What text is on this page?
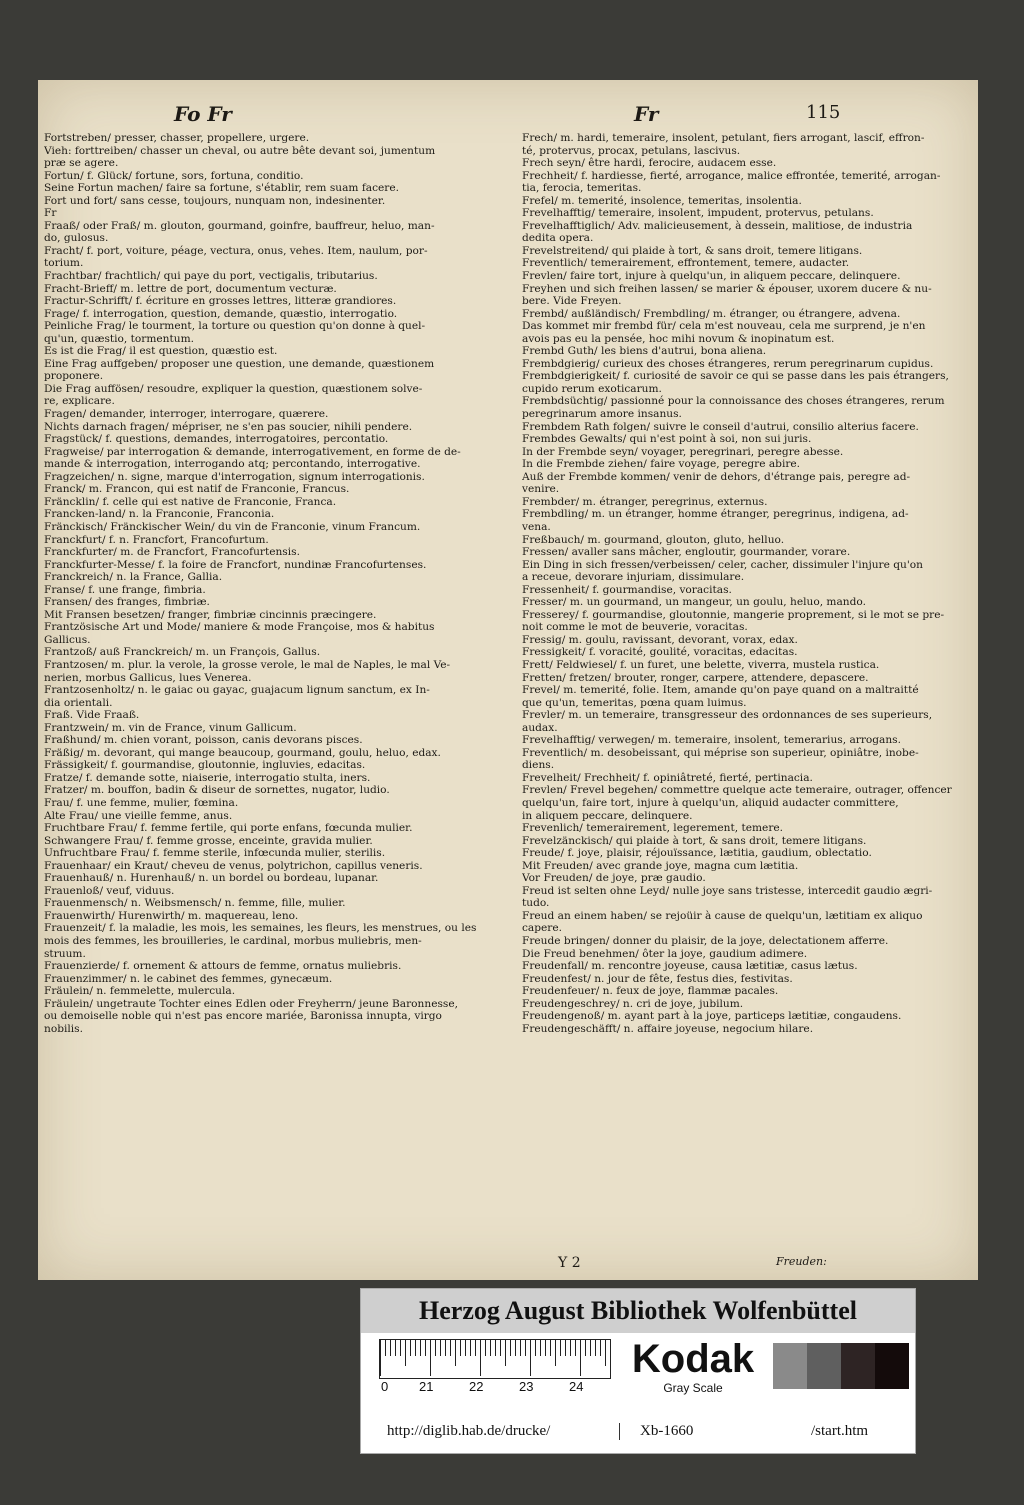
Fo Fr	Fr	115

Fortstreben/ presser, chasser, propellere, urgere.

Vieh: forttreiben/ chasser un cheval, ou autre bête devant soi, jumentum

præ se agere.

Fortun/ f. Glück/ fortune, sors, fortuna, conditio.

Seine Fortun machen/ faire sa fortune, s'établir, rem suam facere.

Fort und fort/ sans cesse, toujours, nunquam non, indesinenter.

Fr

Fraaß/ oder Fraß/ m. glouton, gourmand, goinfre, bauffreur, heluo, man-

do, gulosus.

Fracht/ f. port, voiture, péage, vectura, onus, vehes. Item, naulum, por-

torium.

Frachtbar/ frachtlich/ qui paye du port, vectigalis, tributarius.

Fracht-Brieff/ m. lettre de port, documentum vecturæ.

Fractur-Schrifft/ f. écriture en grosses lettres, litteræ grandiores.

Frage/ f. interrogation, question, demande, quæstio, interrogatio.

Peinliche Frag/ le tourment, la torture ou question qu'on donne à quel-

qu'un, quæstio, tormentum.

Es ist die Frag/ il est question, quæstio est.

Eine Frag auffgeben/ proposer une question, une demande, quæstionem

proponere.

Die Frag auffösen/ resoudre, expliquer la question, quæstionem solve-

re, explicare.

Fragen/ demander, interroger, interrogare, quærere.

Nichts darnach fragen/ mépriser, ne s'en pas soucier, nihili pendere.

Fragstück/ f. questions, demandes, interrogatoires, percontatio.

Fragweise/ par interrogation & demande, interrogativement, en forme de de-

mande & interrogation, interrogando atq; percontando, interrogative.

Fragzeichen/ n. signe, marque d'interrogation, signum interrogationis.

Franck/ m. Francon, qui est natif de Franconie, Francus.

Fräncklin/ f. celle qui est native de Franconie, Franca.

Francken-land/ n. la Franconie, Franconia.

Fränckisch/ Fränckischer Wein/ du vin de Franconie, vinum Francum.

Franckfurt/ f. n. Francfort, Francofurtum.

Franckfurter/ m. de Francfort, Francofurtensis.

Franckfurter-Messe/ f. la foire de Francfort, nundinæ Francofurtenses.

Franckreich/ n. la France, Gallia.

Franse/ f. une frange, fimbria.

Fransen/ des franges, fimbriæ.

Mit Fransen besetzen/ franger, fimbriæ cincinnis præcingere.

Frantzösische Art und Mode/ maniere & mode Françoise, mos & habitus

Gallicus.

Frantzoß/ auß Franckreich/ m. un François, Gallus.

Frantzosen/ m. plur. la verole, la grosse verole, le mal de Naples, le mal Ve-

nerien, morbus Gallicus, lues Venerea.

Frantzosenholtz/ n. le gaiac ou gayac, guajacum lignum sanctum, ex In-

dia orientali.

Fraß. Vide Fraaß.

Frantzwein/ m. vin de France, vinum Gallicum.

Fraßhund/ m. chien vorant, poisson, canis devorans pisces.

Fräßig/ m. devorant, qui mange beaucoup, gourmand, goulu, heluo, edax.

Frässigkeit/ f. gourmandise, gloutonnie, ingluvies, edacitas.

Fratze/ f. demande sotte, niaiserie, interrogatio stulta, iners.

Fratzer/ m. bouffon, badin & diseur de sornettes, nugator, ludio.

Frau/ f. une femme, mulier, fœmina.

Alte Frau/ une vieille femme, anus.

Fruchtbare Frau/ f. femme fertile, qui porte enfans, fœcunda mulier.

Schwangere Frau/ f. femme grosse, enceinte, gravida mulier.

Unfruchtbare Frau/ f. femme sterile, infœcunda mulier, sterilis.

Frauenhaar/ ein Kraut/ cheveu de venus, polytrichon, capillus veneris.

Frauenhauß/ n. Hurenhauß/ n. un bordel ou bordeau, lupanar.

Frauenloß/ veuf, viduus.

Frauenmensch/ n. Weibsmensch/ n. femme, fille, mulier.

Frauenwirth/ Hurenwirth/ m. maquereau, leno.

Frauenzeit/ f. la maladie, les mois, les semaines, les fleurs, les menstrues, ou les

mois des femmes, les brouilleries, le cardinal, morbus muliebris, men-

struum.

Frauenzierde/ f. ornement & attours de femme, ornatus muliebris.

Frauenzimmer/ n. le cabinet des femmes, gynecæum.

Fräulein/ n. femmelette, mulercula.

Fräulein/ ungetraute Tochter eines Edlen oder Freyherrn/ jeune Baronnesse,

ou demoiselle noble qui n'est pas encore mariée, Baronissa innupta, virgo

nobilis.

Frech/ m. hardi, temeraire, insolent, petulant, fiers arrogant, lascif, effron-

té, protervus, procax, petulans, lascivus.

Frech seyn/ être hardi, ferocire, audacem esse.

Frechheit/ f. hardiesse, fierté, arrogance, malice effrontée, temerité, arrogan-

tia, ferocia, temeritas.

Frefel/ m. temerité, insolence, temeritas, insolentia.

Frevelhafftig/ temeraire, insolent, impudent, protervus, petulans.

Frevelhafftiglich/ Adv. malicieusement, à dessein, malitiose, de industria

dedita opera.

Frevelstreitend/ qui plaide à tort, & sans droit, temere litigans.

Freventlich/ temerairement, effrontement, temere, audacter.

Frevlen/ faire tort, injure à quelqu'un, in aliquem peccare, delinquere.

Freyhen und sich freihen lassen/ se marier & épouser, uxorem ducere & nu-

bere. Vide Freyen.

Frembd/ außländisch/ Frembdling/ m. étranger, ou étrangere, advena.

Das kommet mir frembd für/ cela m'est nouveau, cela me surprend, je n'en

avois pas eu la pensée, hoc mihi novum & inopinatum est.

Frembd Guth/ les biens d'autrui, bona aliena.

Frembdgierig/ curieux des choses étrangeres, rerum peregrinarum cupidus.

Frembdgierigkeit/ f. curiosité de savoir ce qui se passe dans les pais étrangers,

cupido rerum exoticarum.

Frembdsüchtig/ passionné pour la connoissance des choses étrangeres, rerum

peregrinarum amore insanus.

Frembdem Rath folgen/ suivre le conseil d'autrui, consilio alterius facere.

Frembdes Gewalts/ qui n'est point à soi, non sui juris.

In der Frembde seyn/ voyager, peregrinari, peregre abesse.

In die Frembde ziehen/ faire voyage, peregre abire.

Auß der Frembde kommen/ venir de dehors, d'étrange pais, peregre ad-

venire.

Frembder/ m. étranger, peregrinus, externus.

Frembdling/ m. un étranger, homme étranger, peregrinus, indigena, ad-

vena.

Freßbauch/ m. gourmand, glouton, gluto, helluo.

Fressen/ avaller sans mâcher, engloutir, gourmander, vorare.

Ein Ding in sich fressen/verbeissen/ celer, cacher, dissimuler l'injure qu'on

a receue, devorare injuriam, dissimulare.

Fressenheit/ f. gourmandise, voracitas.

Fresser/ m. un gourmand, un mangeur, un goulu, heluo, mando.

Fresserey/ f. gourmandise, gloutonnie, mangerie proprement, si le mot se pre-

noit comme le mot de beuverie, voracitas.

Fressig/ m. goulu, ravissant, devorant, vorax, edax.

Fressigkeit/ f. voracité, goulité, voracitas, edacitas.

Frett/ Feldwiesel/ f. un furet, une belette, viverra, mustela rustica.

Fretten/ fretzen/ brouter, ronger, carpere, attendere, depascere.

Frevel/ m. temerité, folie. Item, amande qu'on paye quand on a maltraitté

que qu'un, temeritas, pœna quam luimus.

Frevler/ m. un temeraire, transgresseur des ordonnances de ses superieurs,

audax.

Frevelhafftig/ verwegen/ m. temeraire, insolent, temerarius, arrogans.

Freventlich/ m. desobeissant, qui méprise son superieur, opiniâtre, inobe-

diens.

Frevelheit/ Frechheit/ f. opiniâtreté, fierté, pertinacia.

Frevlen/ Frevel begehen/ commettre quelque acte temeraire, outrager, offencer

quelqu'un, faire tort, injure à quelqu'un, aliquid audacter committere,

in aliquem peccare, delinquere.

Frevenlich/ temerairement, legerement, temere.

Frevelzänckisch/ qui plaide à tort, & sans droit, temere litigans.

Freude/ f. joye, plaisir, réjouïssance, lætitia, gaudium, oblectatio.

Mit Freuden/ avec grande joye, magna cum lætitia.

Vor Freuden/ de joye, præ gaudio.

Freud ist selten ohne Leyd/ nulle joye sans tristesse, intercedit gaudio ægri-

tudo.

Freud an einem haben/ se rejoüir à cause de quelqu'un, lætitiam ex aliquo

capere.

Freude bringen/ donner du plaisir, de la joye, delectationem afferre.

Die Freud benehmen/ ôter la joye, gaudium adimere.

Freudenfall/ m. rencontre joyeuse, causa lætitiæ, casus lætus.

Freudenfest/ n. jour de fête, festus dies, festivitas.

Freudenfeuer/ n. feux de joye, flammæ pacales.

Freudengeschrey/ n. cri de joye, jubilum.

Freudengenoß/ m. ayant part à la joye, particeps lætitiæ, congaudens.

Freudengeschäfft/ n. affaire joyeuse, negocium hilare.

Y 2	Freuden:
Herzog August Bibliothek Wolfenbüttel
0 21	22	23	24
Kodak
Gray Scale
http://diglib.hab.de/drucke/	Xb-1660	/start.htm
